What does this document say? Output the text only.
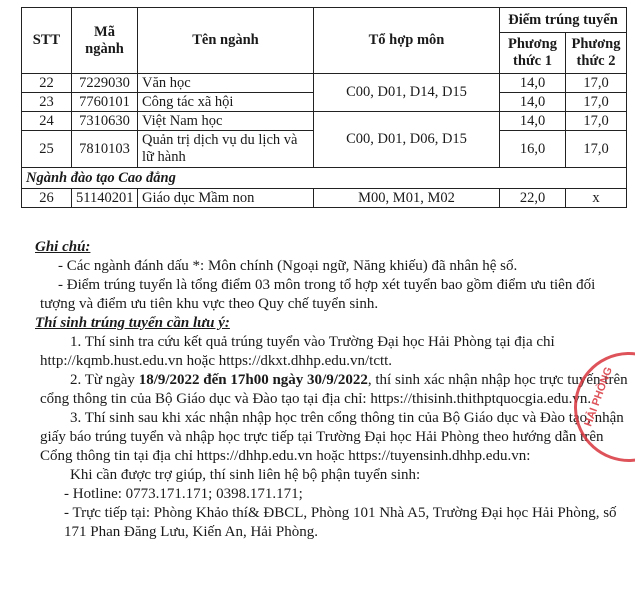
STT	Mã ngành	Tên ngành	Tổ hợp môn	Điểm trúng tuyển	
				Phương thức 1	Phương thức 2
22	7229030	Văn học	C00, D01, D14, D15	14,0	17,0
23	7760101	Công tác xã hội		14,0	17,0
24	7310630	Việt Nam học	C00, D01, D06, D15	14,0	17,0
25	7810103	Quản trị dịch vụ du lịch và lữ hành		16,0	17,0
Ngành đào tạo Cao đẳng					
26	51140201	Giáo dục Mầm non	M00, M01, M02	22,0	x

Ghi chú:

- Các ngành đánh dấu *: Môn chính (Ngoại ngữ, Năng khiếu) đã nhân hệ số.

- Điểm trúng tuyển là tổng điểm 03 môn trong tổ hợp xét tuyển bao gồm điểm ưu tiên đối tượng và điểm ưu tiên khu vực theo Quy chế tuyển sinh.

Thí sinh trúng tuyển cần lưu ý:

1. Thí sinh tra cứu kết quả trúng tuyển vào Trường Đại học Hải Phòng tại địa chỉ http://kqmb.hust.edu.vn hoặc https://dkxt.dhhp.edu.vn/tctt.

2. Từ ngày 18/9/2022 đến 17h00 ngày 30/9/2022, thí sinh xác nhận nhập học trực tuyến trên cổng thông tin của Bộ Giáo dục và Đào tạo tại địa chỉ: https://thisinh.thithptquocgia.edu.vn.

3. Thí sinh sau khi xác nhận nhập học trên cổng thông tin của Bộ Giáo dục và Đào tạo, nhận giấy báo trúng tuyển và nhập học trực tiếp tại Trường Đại học Hải Phòng theo hướng dẫn trên Cổng thông tin tại địa chỉ https://dhhp.edu.vn hoặc https://tuyensinh.dhhp.edu.vn:

Khi cần được trợ giúp, thí sinh liên hệ bộ phận tuyển sinh:

- Hotline: 0773.171.171; 0398.171.171;

- Trực tiếp tại: Phòng Khảo thí& ĐBCL, Phòng 101 Nhà A5, Trường Đại học Hải Phòng, số 171 Phan Đăng Lưu, Kiến An, Hải Phòng.

HẢI PHÒNG
